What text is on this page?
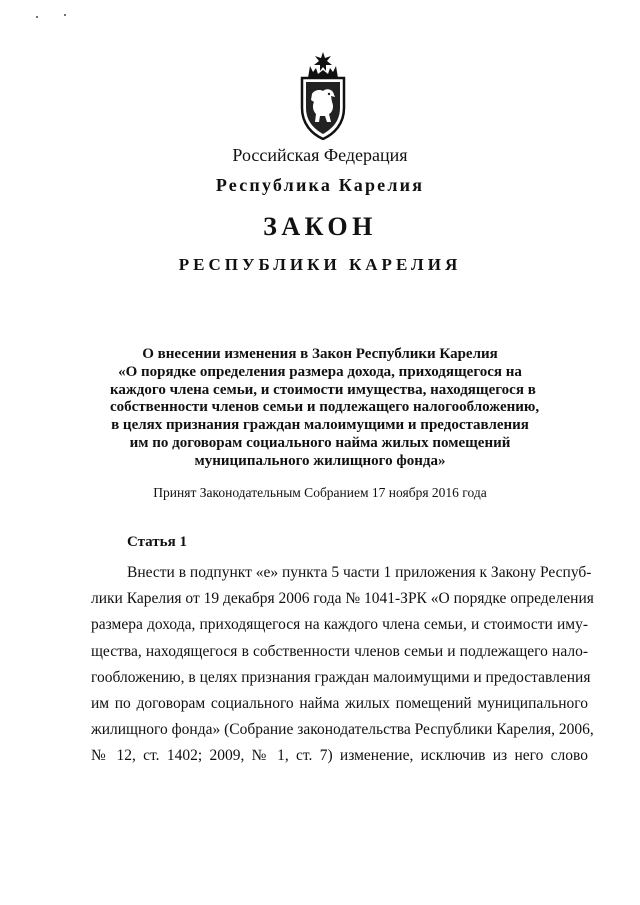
Российская Федерация
Республика Карелия
ЗАКОН
РЕСПУБЛИКИ КАРЕЛИЯ
О внесении изменения в Закон Республики Карелия
«О порядке определения размера дохода, приходящегося на
каждого члена семьи, и стоимости имущества, находящегося в
собственности членов семьи и подлежащего налогообложению,
в целях признания граждан малоимущими и предоставления
им по договорам социального найма жилых помещений
муниципального жилищного фонда»
Принят Законодательным Собранием 17 ноября 2016 года
Статья 1
Внести в подпункт «е» пункта 5 части 1 приложения к Закону Респуб-
лики Карелия от 19 декабря 2006 года № 1041-ЗРК «О порядке определения
размера дохода, приходящегося на каждого члена семьи, и стоимости иму-
щества, находящегося в собственности членов семьи и подлежащего нало-
гообложению, в целях признания граждан малоимущими и предоставления
им по договорам социального найма жилых помещений муниципального
жилищного фонда» (Собрание законодательства Республики Карелия, 2006,
№ 12, ст. 1402; 2009, № 1, ст. 7) изменение, исключив из него слово
